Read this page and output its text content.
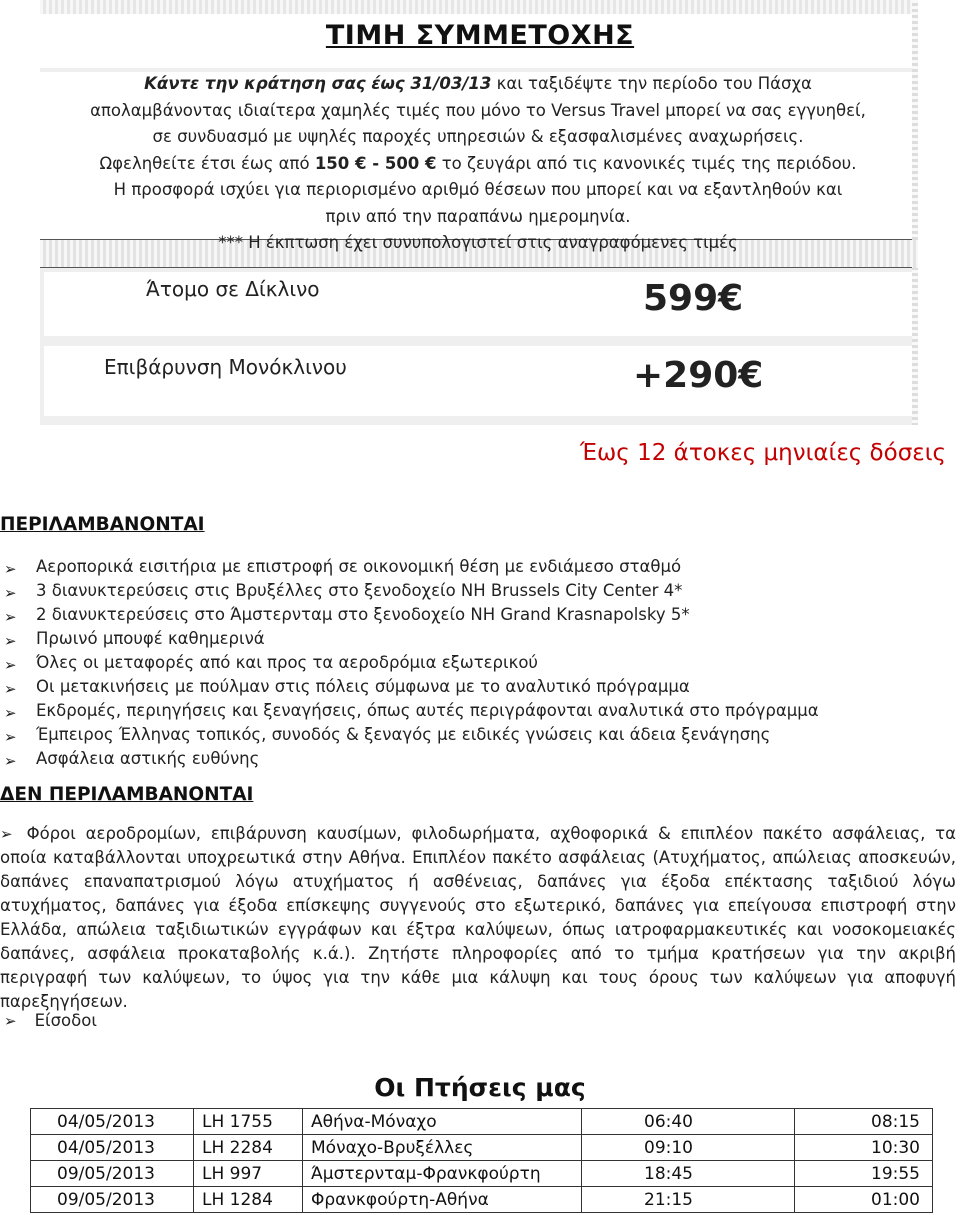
ΤΙΜΗ ΣΥΜΜΕΤΟΧΗΣ

Κάντε την κράτηση σας έως 31/03/13 και ταξιδέψτε την περίοδο του Πάσχα

απολαμβάνοντας ιδιαίτερα χαμηλές τιμές που μόνο το Versus Travel μπορεί να σας εγγυηθεί,

σε συνδυασμό με υψηλές παροχές υπηρεσιών & εξασφαλισμένες αναχωρήσεις.

Ωφεληθείτε έτσι έως από 150 € - 500 € το ζευγάρι από τις κανονικές τιμές της περιόδου.

Η προσφορά ισχύει για περιορισμένο αριθμό θέσεων που μπορεί και να εξαντληθούν και

πριν από την παραπάνω ημερομηνία.

*** Η έκπτωση έχει συνυπολογιστεί στις αναγραφόμενες τιμές

Άτομο σε Δίκλινο	599€
Επιβάρυνση Μονόκλινου	+290€
Έως 12 άτοκες μηνιαίες δόσεις
ΠΕΡΙΛΑΜΒΑΝΟΝΤΑΙ
➢ Αεροπορικά εισιτήρια με επιστροφή σε οικονομική θέση με ενδιάμεσο σταθμό
➢ 3 διανυκτερεύσεις στις Βρυξέλλες στο ξενοδοχείο NH Brussels City Center 4*
➢ 2 διανυκτερεύσεις στο Άμστερνταμ στο ξενοδοχείο NH Grand Krasnapolsky 5*
➢ Πρωινό μπουφέ καθημερινά
➢ Όλες οι μεταφορές από και προς τα αεροδρόμια εξωτερικού
➢ Οι μετακινήσεις με πούλμαν στις πόλεις σύμφωνα με το αναλυτικό πρόγραμμα
➢ Εκδρομές, περιηγήσεις και ξεναγήσεις, όπως αυτές περιγράφονται αναλυτικά στο πρόγραμμα
➢ Έμπειρος Έλληνας τοπικός, συνοδός & ξεναγός με ειδικές γνώσεις και άδεια ξενάγησης
➢ Ασφάλεια αστικής ευθύνης
ΔΕΝ ΠΕΡΙΛΑΜΒΑΝΟΝΤΑΙ
➢ Φόροι αεροδρομίων, επιβάρυνση καυσίμων, φιλοδωρήματα, αχθοφορικά & επιπλέον πακέτο ασφάλειας, τα οποία καταβάλλονται υποχρεωτικά στην Αθήνα. Επιπλέον πακέτο ασφάλειας (Ατυχήματος, απώλειας αποσκευών, δαπάνες επαναπατρισμού λόγω ατυχήματος ή ασθένειας, δαπάνες για έξοδα επέκτασης ταξιδιού λόγω ατυχήματος, δαπάνες για έξοδα επίσκεψης συγγενούς στο εξωτερικό, δαπάνες για επείγουσα επιστροφή στην Ελλάδα, απώλεια ταξιδιωτικών εγγράφων και έξτρα καλύψεων, όπως ιατροφαρμακευτικές και νοσοκομειακές δαπάνες, ασφάλεια προκαταβολής κ.ά.). Ζητήστε πληροφορίες από το τμήμα κρατήσεων για την ακριβή περιγραφή των καλύψεων, το ύψος για την κάθε μια κάλυψη και τους όρους των καλύψεων για αποφυγή παρεξηγήσεων.
➢ Είσοδοι
Οι Πτήσεις μας
04/05/2013	LH 1755	Αθήνα-Μόναχο	06:40	08:15
04/05/2013	LH 2284	Μόναχο-Βρυξέλλες	09:10	10:30
09/05/2013	LH 997	Άμστερνταμ-Φρανκφούρτη	18:45	19:55
09/05/2013	LH 1284	Φρανκφούρτη-Αθήνα	21:15	01:00
